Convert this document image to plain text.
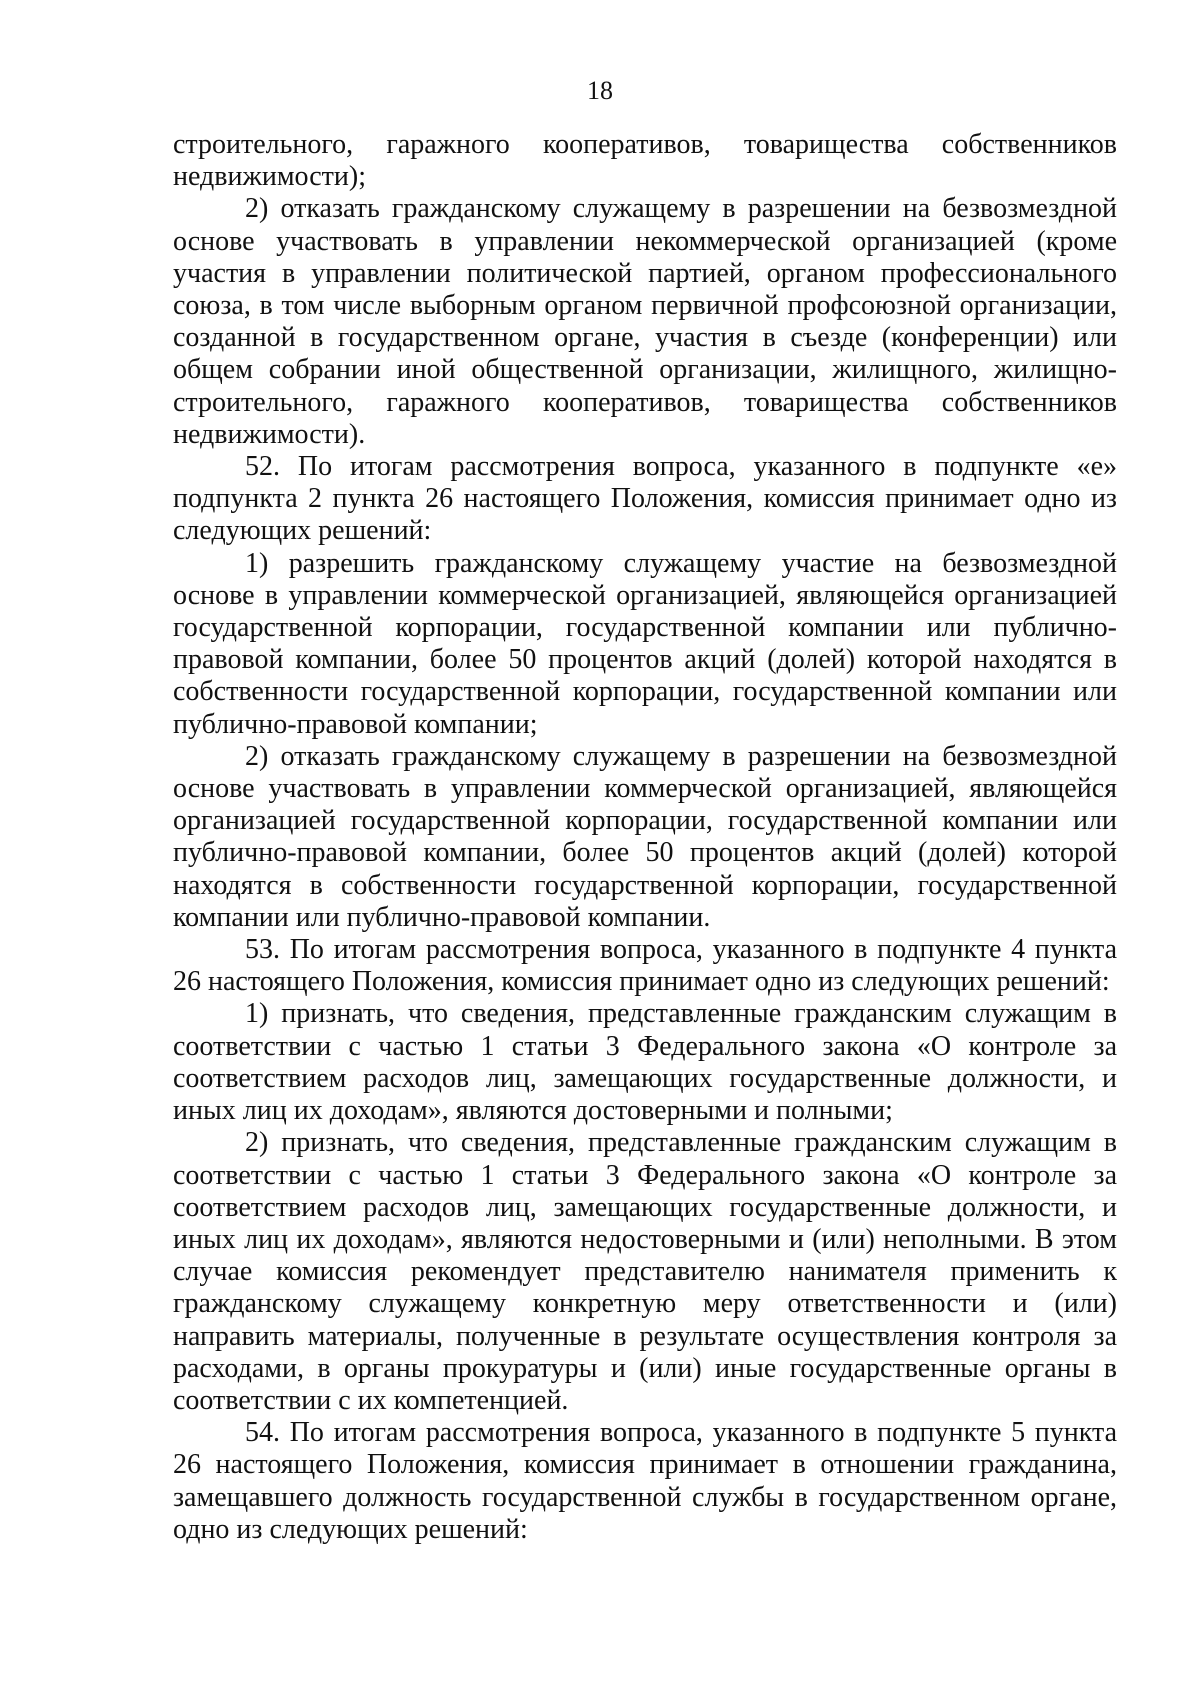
18

строительного, гаражного кооперативов, товарищества собственников недвижимости);

2) отказать гражданскому служащему в разрешении на безвозмездной основе участвовать в управлении некоммерческой организацией (кроме участия в управлении политической партией, органом профессионального союза, в том числе выборным органом первичной профсоюзной организации, созданной в государственном органе, участия в съезде (конференции) или общем собрании иной общественной организации, жилищного, жилищно-строительного, гаражного кооперативов, товарищества собственников недвижимости).

52. По итогам рассмотрения вопроса, указанного в подпункте «е» подпункта 2 пункта 26 настоящего Положения, комиссия принимает одно из следующих решений:

1) разрешить гражданскому служащему участие на безвозмездной основе в управлении коммерческой организацией, являющейся организацией государственной корпорации, государственной компании или публично-правовой компании, более 50 процентов акций (долей) которой находятся в собственности государственной корпорации, государственной компании или публично-правовой компании;

2) отказать гражданскому служащему в разрешении на безвозмездной основе участвовать в управлении коммерческой организацией, являющейся организацией государственной корпорации, государственной компании или публично-правовой компании, более 50 процентов акций (долей) которой находятся в собственности государственной корпорации, государственной компании или публично-правовой компании.

53. По итогам рассмотрения вопроса, указанного в подпункте 4 пункта 26 настоящего Положения, комиссия принимает одно из следующих решений:

1) признать, что сведения, представленные гражданским служащим в соответствии с частью 1 статьи 3 Федерального закона «О контроле за соответствием расходов лиц, замещающих государственные должности, и иных лиц их доходам», являются достоверными и полными;

2) признать, что сведения, представленные гражданским служащим в соответствии с частью 1 статьи 3 Федерального закона «О контроле за соответствием расходов лиц, замещающих государственные должности, и иных лиц их доходам», являются недостоверными и (или) неполными. В этом случае комиссия рекомендует представителю нанимателя применить к гражданскому служащему конкретную меру ответственности и (или) направить материалы, полученные в результате осуществления контроля за расходами, в органы прокуратуры и (или) иные государственные органы в соответствии с их компетенцией.

54. По итогам рассмотрения вопроса, указанного в подпункте 5 пункта 26 настоящего Положения, комиссия принимает в отношении гражданина, замещавшего должность государственной службы в государственном органе, одно из следующих решений:
